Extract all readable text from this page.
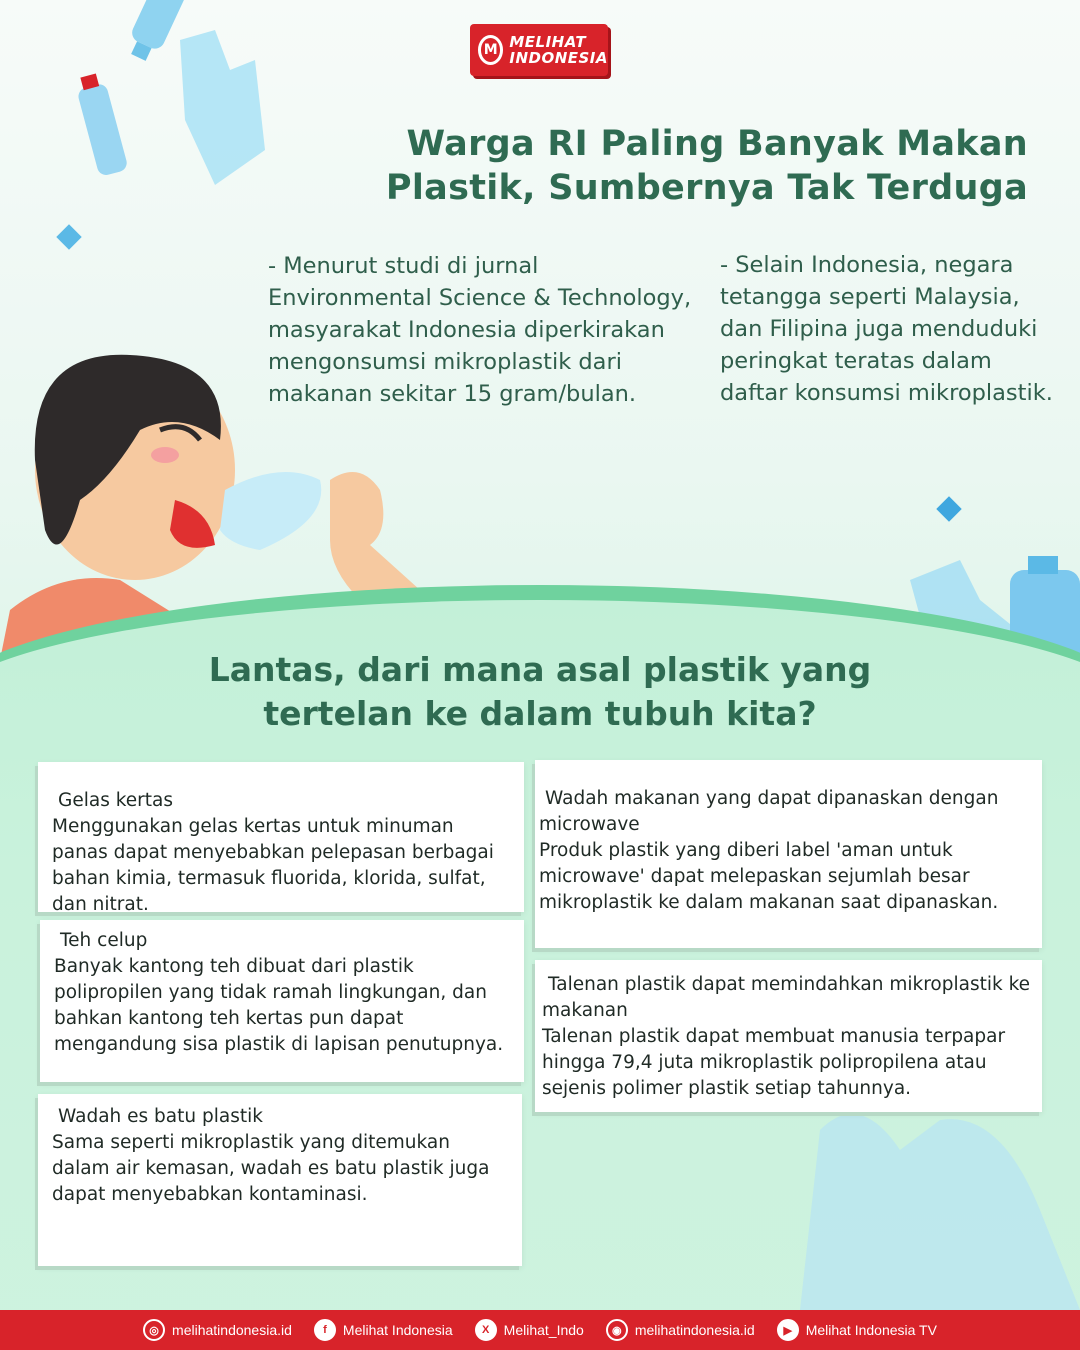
M MELIHAT
INDONESIA
Warga RI Paling Banyak Makan
Plastik, Sumbernya Tak Terduga
- Menurut studi di jurnal Environmental Science & Technology, masyarakat Indonesia diperkirakan mengonsumsi mikroplastik dari makanan sekitar 15 gram/bulan.
- Selain Indonesia, negara tetangga seperti Malaysia, dan Filipina juga menduduki peringkat teratas dalam daftar konsumsi mikroplastik.
Lantas, dari mana asal plastik yang
tertelan ke dalam tubuh kita?
Gelas kertas
Menggunakan gelas kertas untuk minuman panas dapat menyebabkan pelepasan berbagai bahan kimia, termasuk fluorida, klorida, sulfat, dan nitrat.
Teh celup
Banyak kantong teh dibuat dari plastik polipropilen yang tidak ramah lingkungan, dan bahkan kantong teh kertas pun dapat mengandung sisa plastik di lapisan penutupnya.
Wadah es batu plastik
Sama seperti mikroplastik yang ditemukan dalam air kemasan, wadah es batu plastik juga dapat menyebabkan kontaminasi.
Wadah makanan yang dapat dipanaskan dengan
microwave
Produk plastik yang diberi label 'aman untuk microwave' dapat melepaskan sejumlah besar mikroplastik ke dalam makanan saat dipanaskan.
Talenan plastik dapat memindahkan mikroplastik ke
makanan
Talenan plastik dapat membuat manusia terpapar hingga 79,4 juta mikroplastik polipropilena atau sejenis polimer plastik setiap tahunnya.
◎ melihatindonesia.id	f	Melihat Indonesia	X	Melihat_Indo	◉ melihatindonesia.id	▶ Melihat Indonesia TV
